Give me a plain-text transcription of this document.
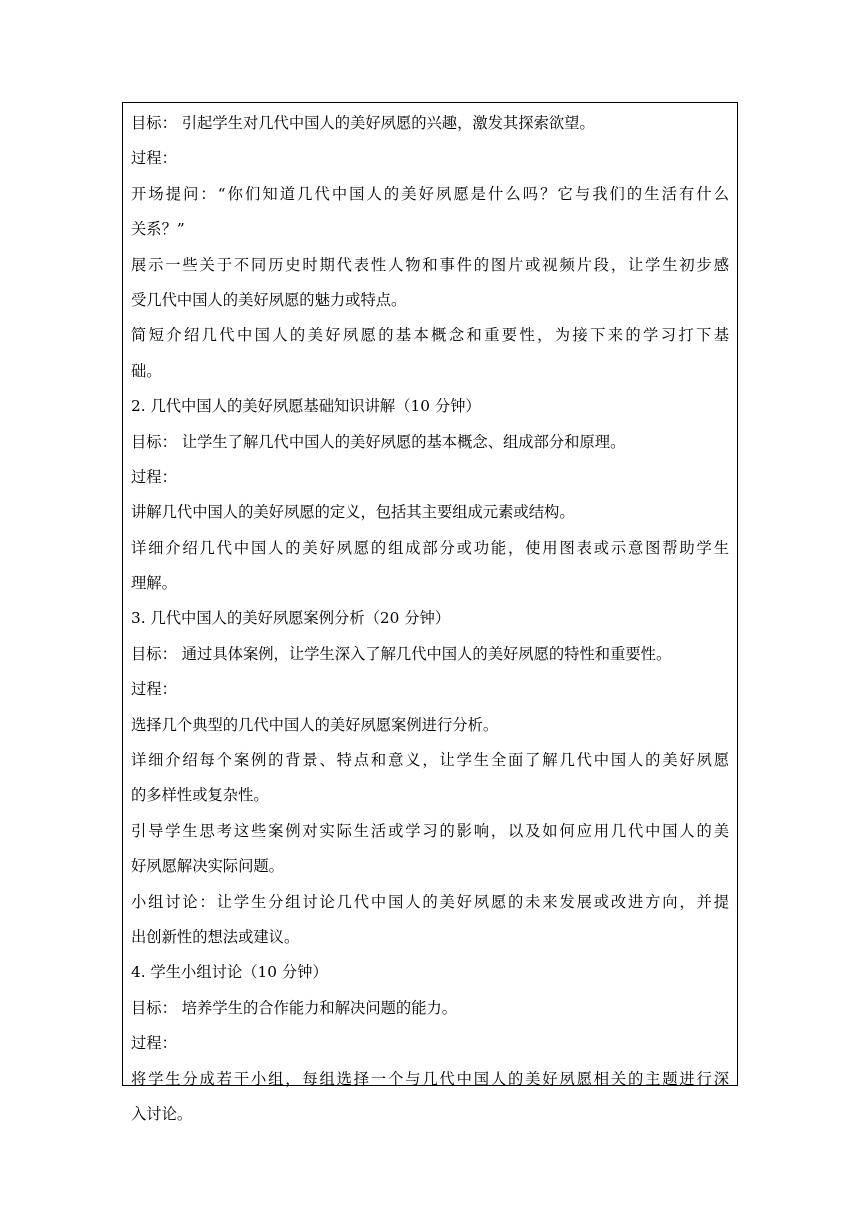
目标： 引起学生对几代中国人的美好夙愿的兴趣，激发其探索欲望。
过程：
开场提问：“你们知道几代中国人的美好夙愿是什么吗？它与我们的生活有什么
关系？”
展示一些关于不同历史时期代表性人物和事件的图片或视频片段，让学生初步感
受几代中国人的美好夙愿的魅力或特点。
简短介绍几代中国人的美好夙愿的基本概念和重要性，为接下来的学习打下基
础。
2. 几代中国人的美好夙愿基础知识讲解（10 分钟）
目标： 让学生了解几代中国人的美好夙愿的基本概念、组成部分和原理。
过程：
讲解几代中国人的美好夙愿的定义，包括其主要组成元素或结构。
详细介绍几代中国人的美好夙愿的组成部分或功能，使用图表或示意图帮助学生
理解。
3. 几代中国人的美好夙愿案例分析（20 分钟）
目标： 通过具体案例，让学生深入了解几代中国人的美好夙愿的特性和重要性。
过程：
选择几个典型的几代中国人的美好夙愿案例进行分析。
详细介绍每个案例的背景、特点和意义，让学生全面了解几代中国人的美好夙愿
的多样性或复杂性。
引导学生思考这些案例对实际生活或学习的影响，以及如何应用几代中国人的美
好夙愿解决实际问题。
小组讨论：让学生分组讨论几代中国人的美好夙愿的未来发展或改进方向，并提
出创新性的想法或建议。
4. 学生小组讨论（10 分钟）
目标： 培养学生的合作能力和解决问题的能力。
过程：
将学生分成若干小组，每组选择一个与几代中国人的美好夙愿相关的主题进行深
入讨论。
